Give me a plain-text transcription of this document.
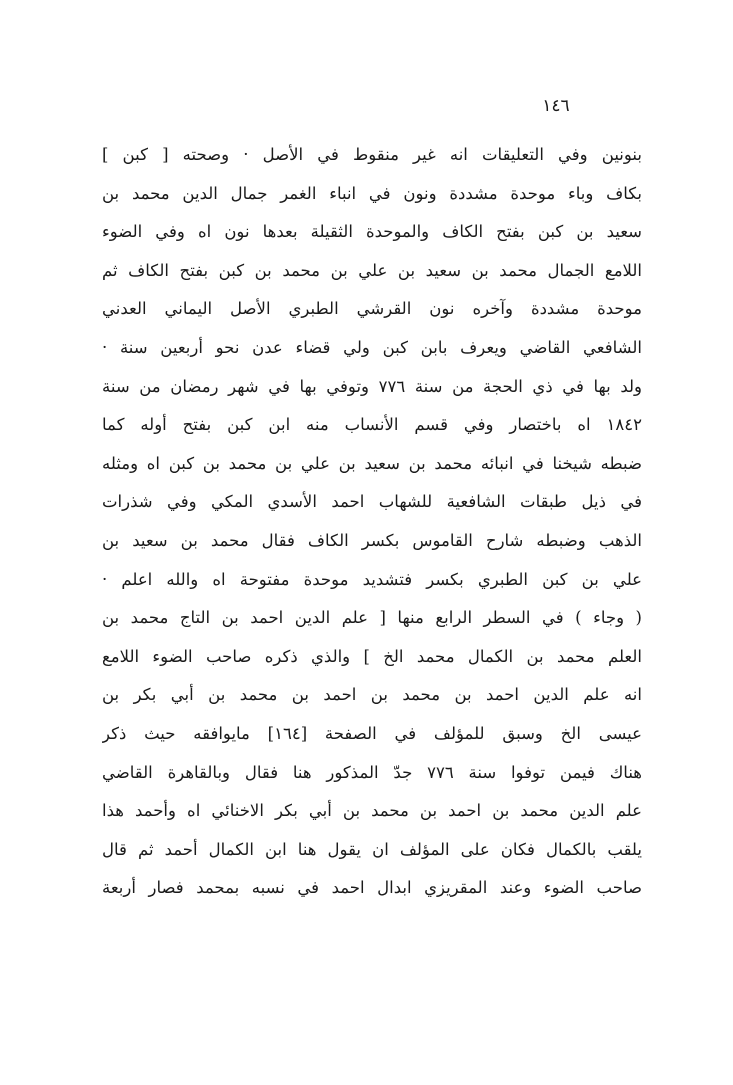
١٤٦
بنونين وفي التعليقات انه غير منقوط في الأصل · وصحته [ كبن ]
بكاف وباء موحدة مشددة ونون في انباء الغمر جمال الدين محمد بن
سعيد بن كبن بفتح الكاف والموحدة الثقيلة بعدها نون اه وفي الضوء
اللامع الجمال محمد بن سعيد بن علي بن محمد بن كبن بفتح الكاف ثم
موحدة مشددة وآخره نون القرشي الطبري الأصل اليماني العدني
الشافعي القاضي ويعرف بابن كبن ولي قضاء عدن نحو أربعين سنة ·
ولد بها في ذي الحجة من سنة ٧٧٦ وتوفي بها في شهر رمضان من سنة
١٨٤٢ اه باختصار وفي قسم الأنساب منه ابن كبن بفتح أوله كما
ضبطه شيخنا في انبائه محمد بن سعيد بن علي بن محمد بن كبن اه ومثله
في ذيل طبقات الشافعية للشهاب احمد الأسدي المكي وفي شذرات
الذهب وضبطه شارح القاموس بكسر الكاف فقال محمد بن سعيد بن
علي بن كبن الطبري بكسر فتشديد موحدة مفتوحة اه والله اعلم ·
( وجاء ) في السطر الرابع منها [ علم الدين احمد بن التاج محمد بن
العلم محمد بن الكمال محمد الخ ] والذي ذكره صاحب الضوء اللامع
انه علم الدين احمد بن محمد بن احمد بن محمد بن أبي بكر بن
عيسى الخ وسبق للمؤلف في الصفحة [١٦٤] مايوافقه حيث ذكر
هناك فيمن توفوا سنة ٧٧٦ جدّ المذكور هنا فقال وبالقاهرة القاضي
علم الدين محمد بن احمد بن محمد بن أبي بكر الاخنائي اه وأحمد هذا
يلقب بالكمال فكان على المؤلف ان يقول هنا ابن الكمال أحمد ثم قال
صاحب الضوء وعند المقريزي ابدال احمد في نسبه بمحمد فصار أربعة
